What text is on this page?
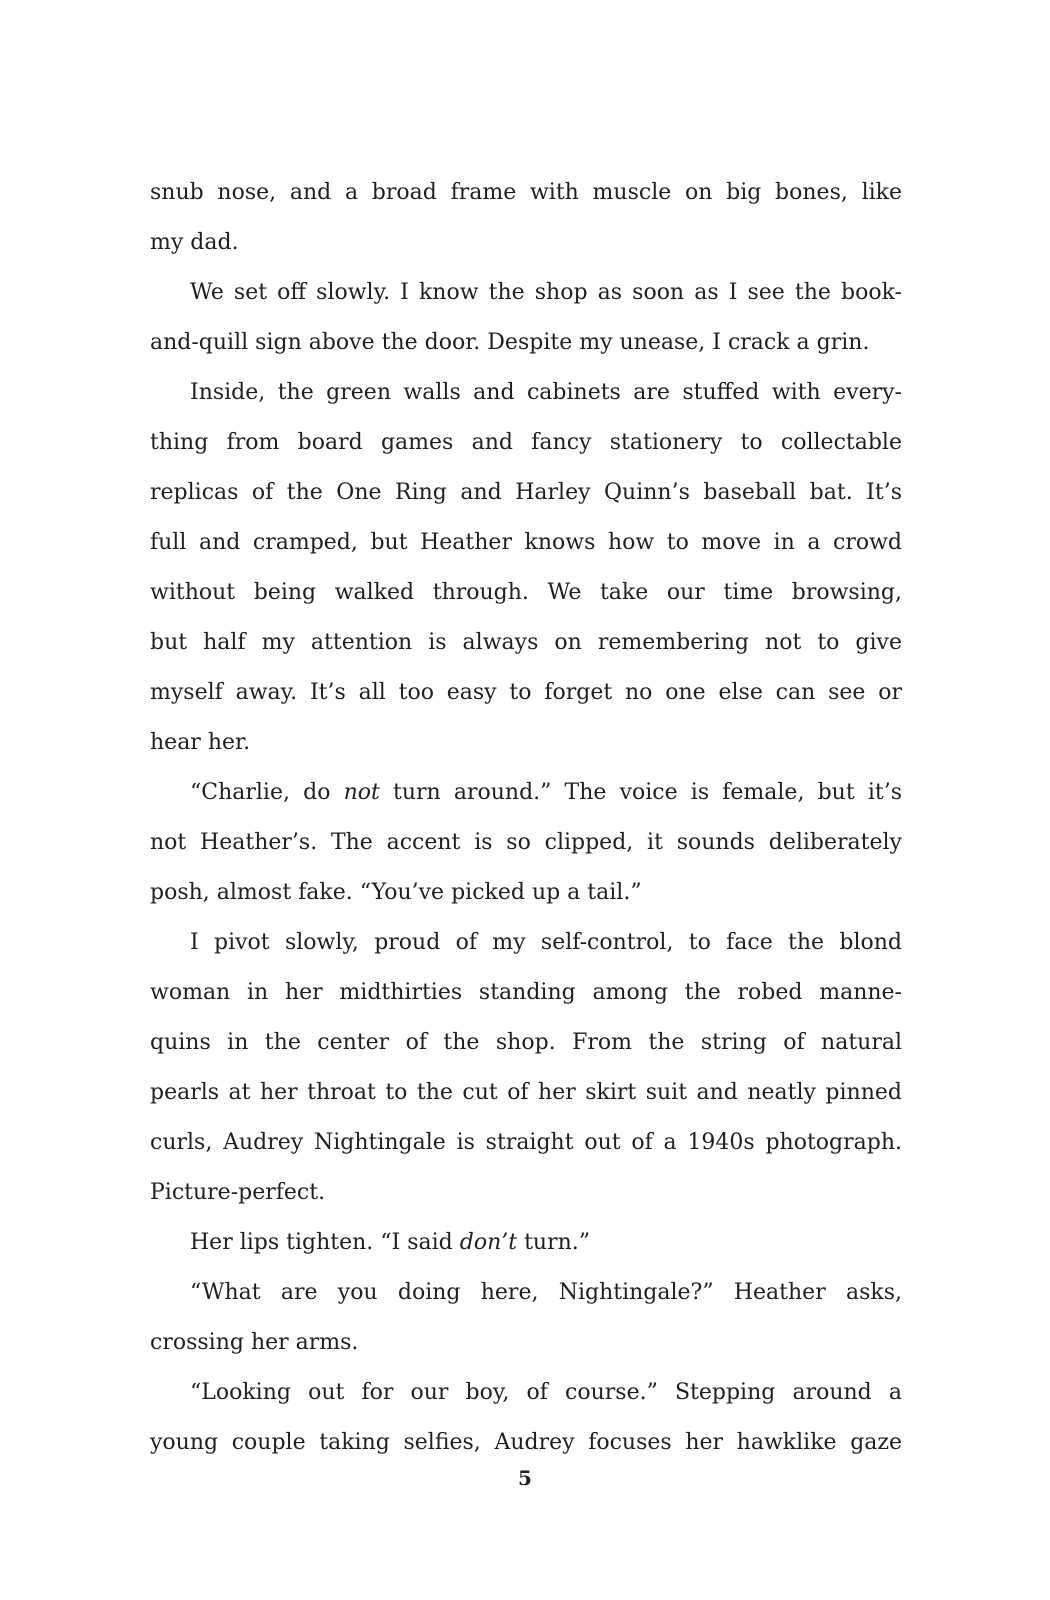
snub nose, and a broad frame with muscle on big bones, like
my dad.
We set off slowly. I know the shop as soon as I see the book-
and-quill sign above the door. Despite my unease, I crack a grin.
Inside, the green walls and cabinets are stuffed with every-
thing from board games and fancy stationery to collectable
replicas of the One Ring and Harley Quinn’s baseball bat. It’s
full and cramped, but Heather knows how to move in a crowd
without being walked through. We take our time browsing,
but half my attention is always on remembering not to give
myself away. It’s all too easy to forget no one else can see or
hear her.
“Charlie, do not turn around.” The voice is female, but it’s
not Heather’s. The accent is so clipped, it sounds deliberately
posh, almost fake. “You’ve picked up a tail.”
I pivot slowly, proud of my self-control, to face the blond
woman in her midthirties standing among the robed manne-
quins in the center of the shop. From the string of natural
pearls at her throat to the cut of her skirt suit and neatly pinned
curls, Audrey Nightingale is straight out of a 1940s photograph.
Picture-perfect.
Her lips tighten. “I said don’t turn.”
“What are you doing here, Nightingale?” Heather asks,
crossing her arms.
“Looking out for our boy, of course.” Stepping around a
young couple taking selfies, Audrey focuses her hawklike gaze
5
